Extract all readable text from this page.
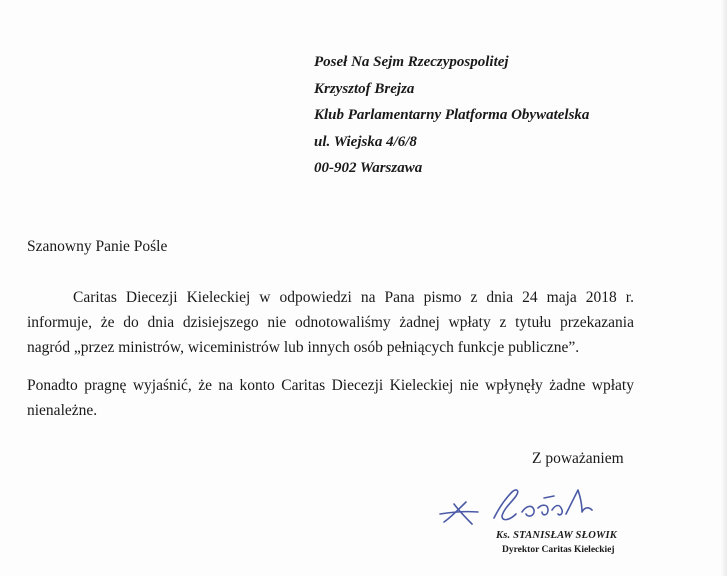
Poseł Na Sejm Rzeczypospolitej
Krzysztof Brejza
Klub Parlamentarny Platforma Obywatelska
ul. Wiejska 4/6/8
00-902 Warszawa
Szanowny Panie Pośle
Caritas Diecezji Kieleckiej w odpowiedzi na Pana pismo z dnia 24 maja 2018 r.
informuje, że do dnia dzisiejszego nie odnotowaliśmy żadnej wpłaty z tytułu przekazania
nagród „przez ministrów, wiceministrów lub innych osób pełniących funkcje publiczne”.
Ponadto pragnę wyjaśnić, że na konto Caritas Diecezji Kieleckiej nie wpłynęły żadne wpłaty
nienależne.
Z poważaniem
Ks. STANISŁAW SŁOWIK
Dyrektor Caritas Kieleckiej
